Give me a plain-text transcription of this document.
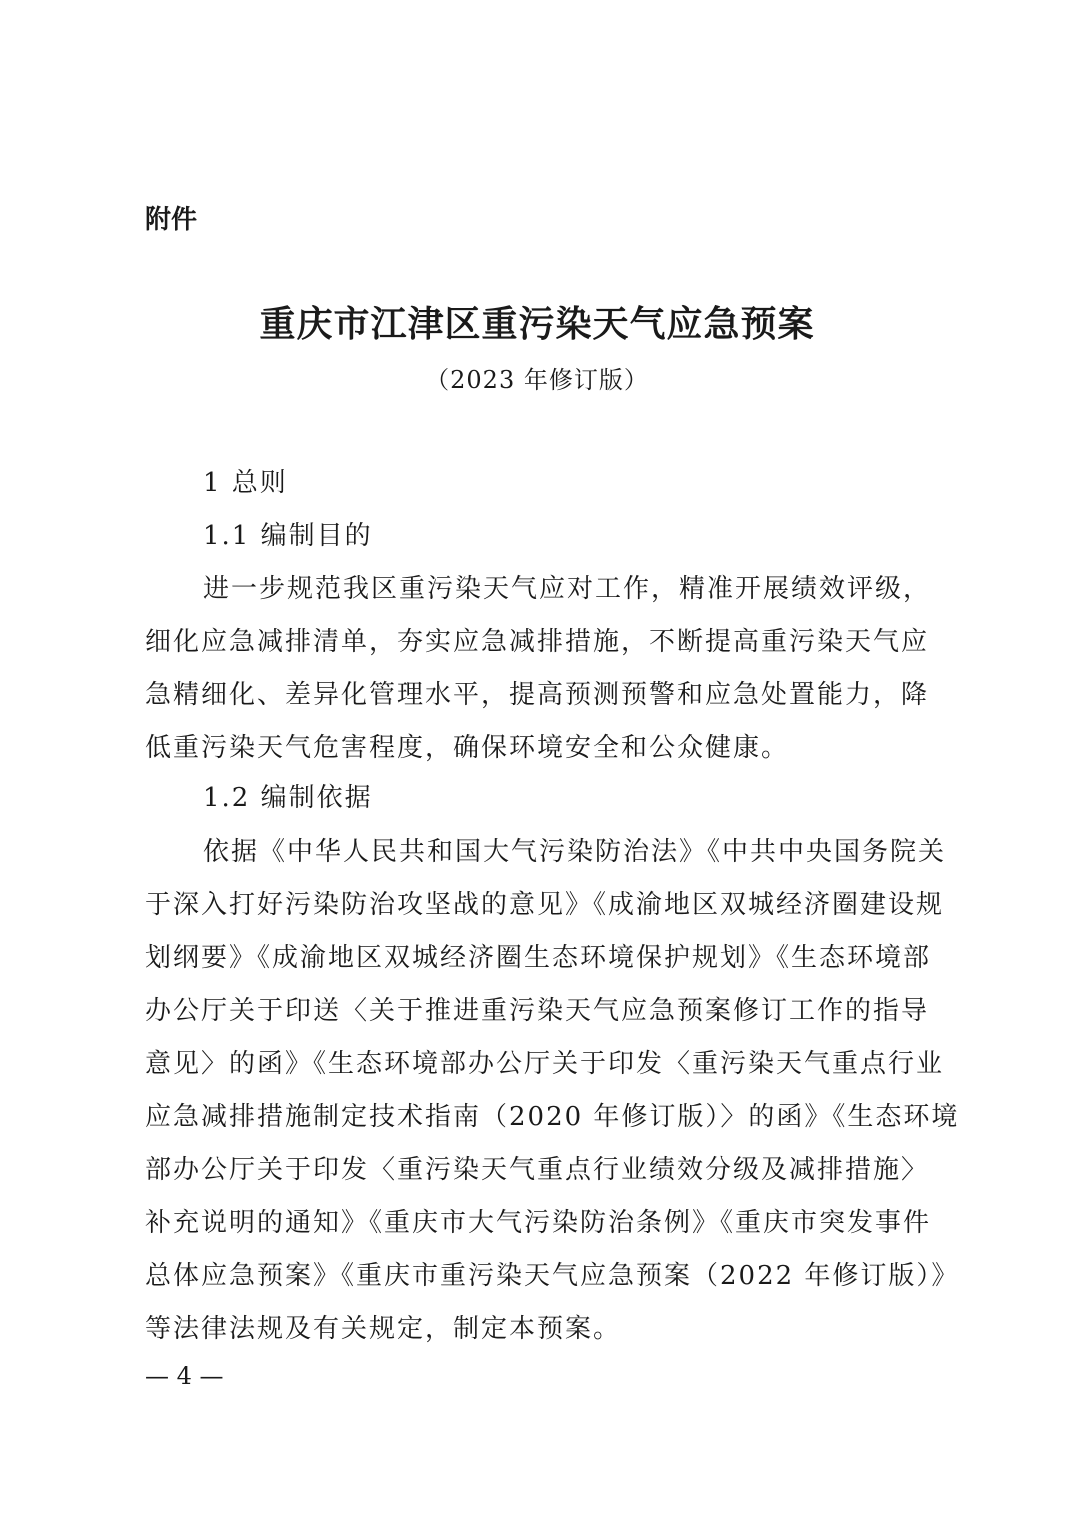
附件
重庆市江津区重污染天气应急预案
（2023 年修订版）
1 总则
1.1 编制目的
进一步规范我区重污染天气应对工作，精准开展绩效评级，
细化应急减排清单，夯实应急减排措施，不断提高重污染天气应
急精细化、差异化管理水平，提高预测预警和应急处置能力，降
低重污染天气危害程度，确保环境安全和公众健康。
1.2 编制依据
依据《中华人民共和国大气污染防治法》《中共中央国务院关
于深入打好污染防治攻坚战的意见》《成渝地区双城经济圈建设规
划纲要》《成渝地区双城经济圈生态环境保护规划》《生态环境部
办公厅关于印送〈关于推进重污染天气应急预案修订工作的指导
意见〉的函》《生态环境部办公厅关于印发〈重污染天气重点行业
应急减排措施制定技术指南（2020 年修订版）〉的函》《生态环境
部办公厅关于印发〈重污染天气重点行业绩效分级及减排措施〉
补充说明的通知》《重庆市大气污染防治条例》《重庆市突发事件
总体应急预案》《重庆市重污染天气应急预案（2022 年修订版）》
等法律法规及有关规定，制定本预案。
— 4 —
